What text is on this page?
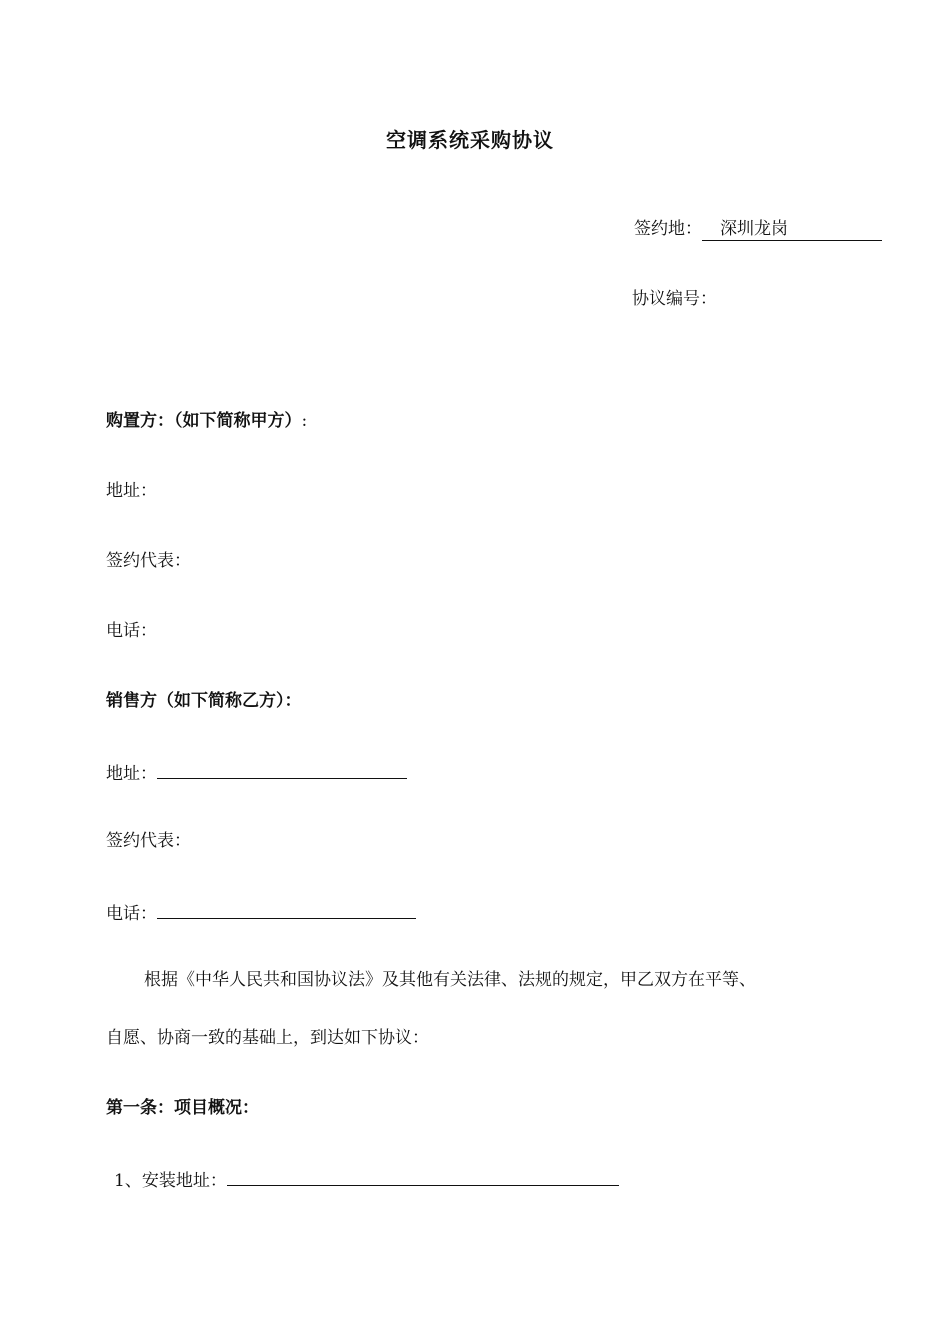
空调系统采购协议
签约地： 深圳龙岗
协议编号：
购置方：（如下简称甲方）:
地址：
签约代表：
电话：
销售方（如下简称乙方）：
地址：
签约代表：
电话：
根据《中华人民共和国协议法》及其他有关法律、法规的规定，甲乙双方在平等、
自愿、协商一致的基础上，到达如下协议：
第一条：项目概况：
1、安装地址：
